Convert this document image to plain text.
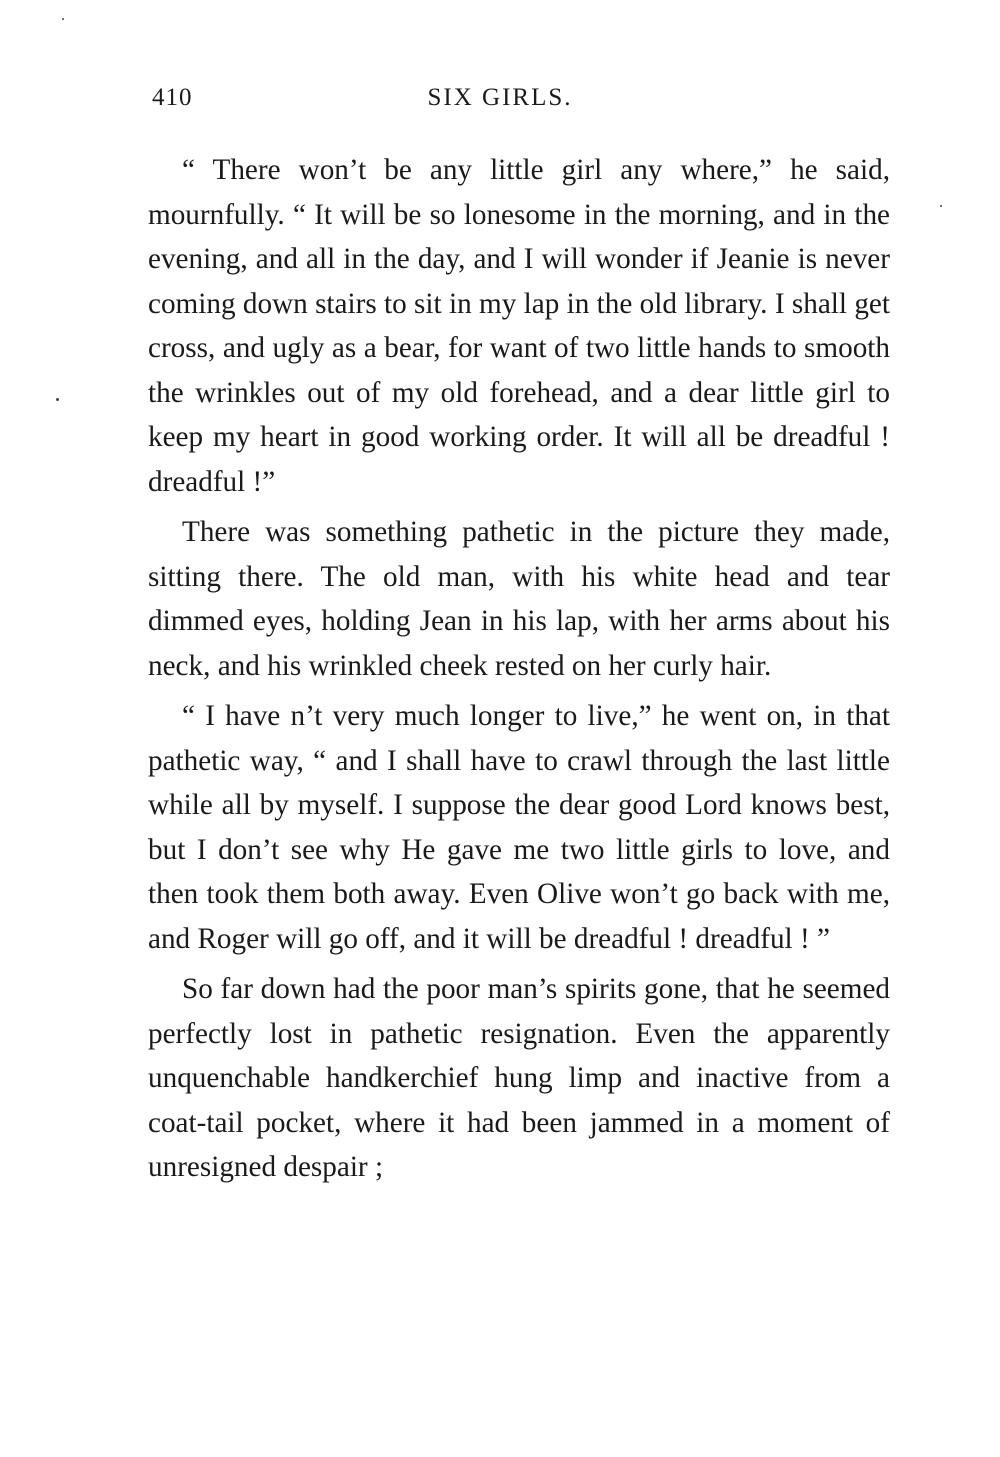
410	SIX GIRLS.

“ There won’t be any little girl any where,” he said, mournfully. “ It will be so lonesome in the morning, and in the evening, and all in the day, and I will wonder if Jeanie is never coming down stairs to sit in my lap in the old library. I shall get cross, and ugly as a bear, for want of two little hands to smooth the wrinkles out of my old forehead, and a dear little girl to keep my heart in good working order. It will all be dreadful ! dreadful !”

There was something pathetic in the picture they made, sitting there. The old man, with his white head and tear dimmed eyes, holding Jean in his lap, with her arms about his neck, and his wrinkled cheek rested on her curly hair.

“ I have n’t very much longer to live,” he went on, in that pathetic way, “ and I shall have to crawl through the last little while all by myself. I suppose the dear good Lord knows best, but I don’t see why He gave me two little girls to love, and then took them both away. Even Olive won’t go back with me, and Roger will go off, and it will be dreadful ! dreadful ! ”

So far down had the poor man’s spirits gone, that he seemed perfectly lost in pathetic resignation. Even the apparently unquenchable handkerchief hung limp and inactive from a coat-tail pocket, where it had been jammed in a moment of unresigned despair ;
